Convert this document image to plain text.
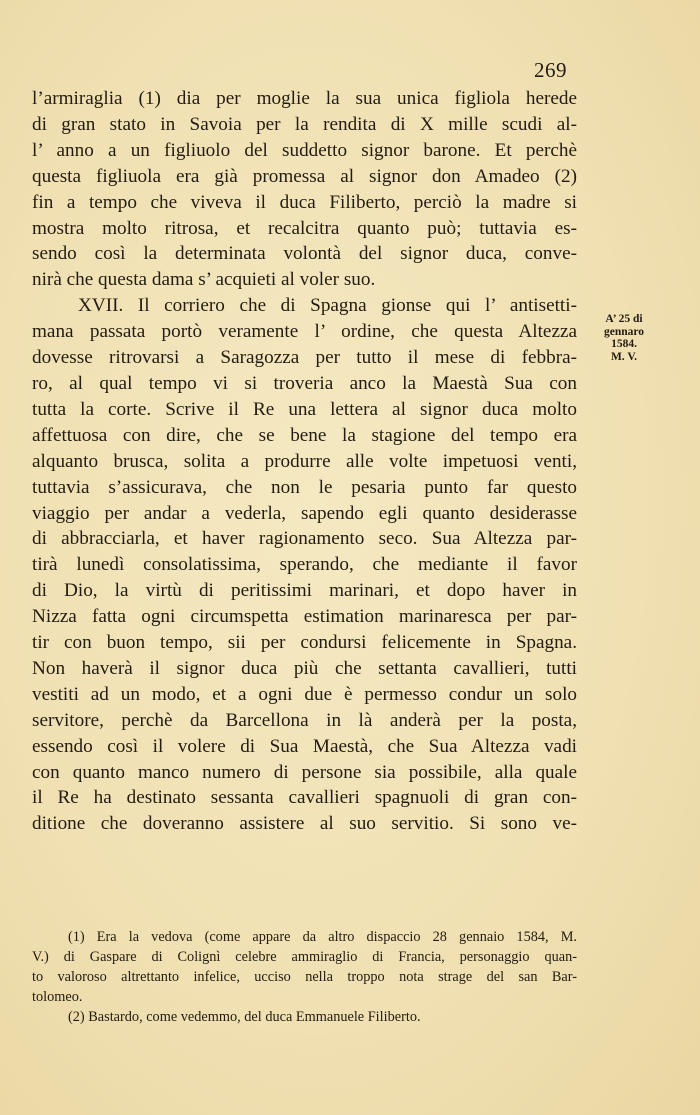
269
l’armiraglia (1) dia per moglie la sua unica figliola herede
di gran stato in Savoia per la rendita di X mille scudi al-
l’ anno a un figliuolo del suddetto signor barone. Et perchè
questa figliuola era già promessa al signor don Amadeo (2)
fin a tempo che viveva il duca Filiberto, perciò la madre si
mostra molto ritrosa, et recalcitra quanto può; tuttavia es-
sendo così la determinata volontà del signor duca, conve-
nirà che questa dama s’ acquieti al voler suo.
XVII. Il corriero che di Spagna gionse qui l’ antisetti-
mana passata portò veramente l’ ordine, che questa Altezza
dovesse ritrovarsi a Saragozza per tutto il mese di febbra-
ro, al qual tempo vi si troveria anco la Maestà Sua con
tutta la corte. Scrive il Re una lettera al signor duca molto
affettuosa con dire, che se bene la stagione del tempo era
alquanto brusca, solita a produrre alle volte impetuosi venti,
tuttavia s’assicurava, che non le pesaria punto far questo
viaggio per andar a vederla, sapendo egli quanto desiderasse
di abbracciarla, et haver ragionamento seco. Sua Altezza par-
tirà lunedì consolatissima, sperando, che mediante il favor
di Dio, la virtù di peritissimi marinari, et dopo haver in
Nizza fatta ogni circumspetta estimation marinaresca per par-
tir con buon tempo, sii per condursi felicemente in Spagna.
Non haverà il signor duca più che settanta cavallieri, tutti
vestiti ad un modo, et a ogni due è permesso condur un solo
servitore, perchè da Barcellona in là anderà per la posta,
essendo così il volere di Sua Maestà, che Sua Altezza vadi
con quanto manco numero di persone sia possibile, alla quale
il Re ha destinato sessanta cavallieri spagnuoli di gran con-
ditione che doveranno assistere al suo servitio. Si sono ve-
A’ 25 di
gennaro
1584.
M. V.
(1) Era la vedova (come appare da altro dispaccio 28 gennaio 1584, M.
V.) di Gaspare di Colignì celebre ammiraglio di Francia, personaggio quan-
to valoroso altrettanto infelice, ucciso nella troppo nota strage del san Bar-
tolomeo.
(2) Bastardo, come vedemmo, del duca Emmanuele Filiberto.
